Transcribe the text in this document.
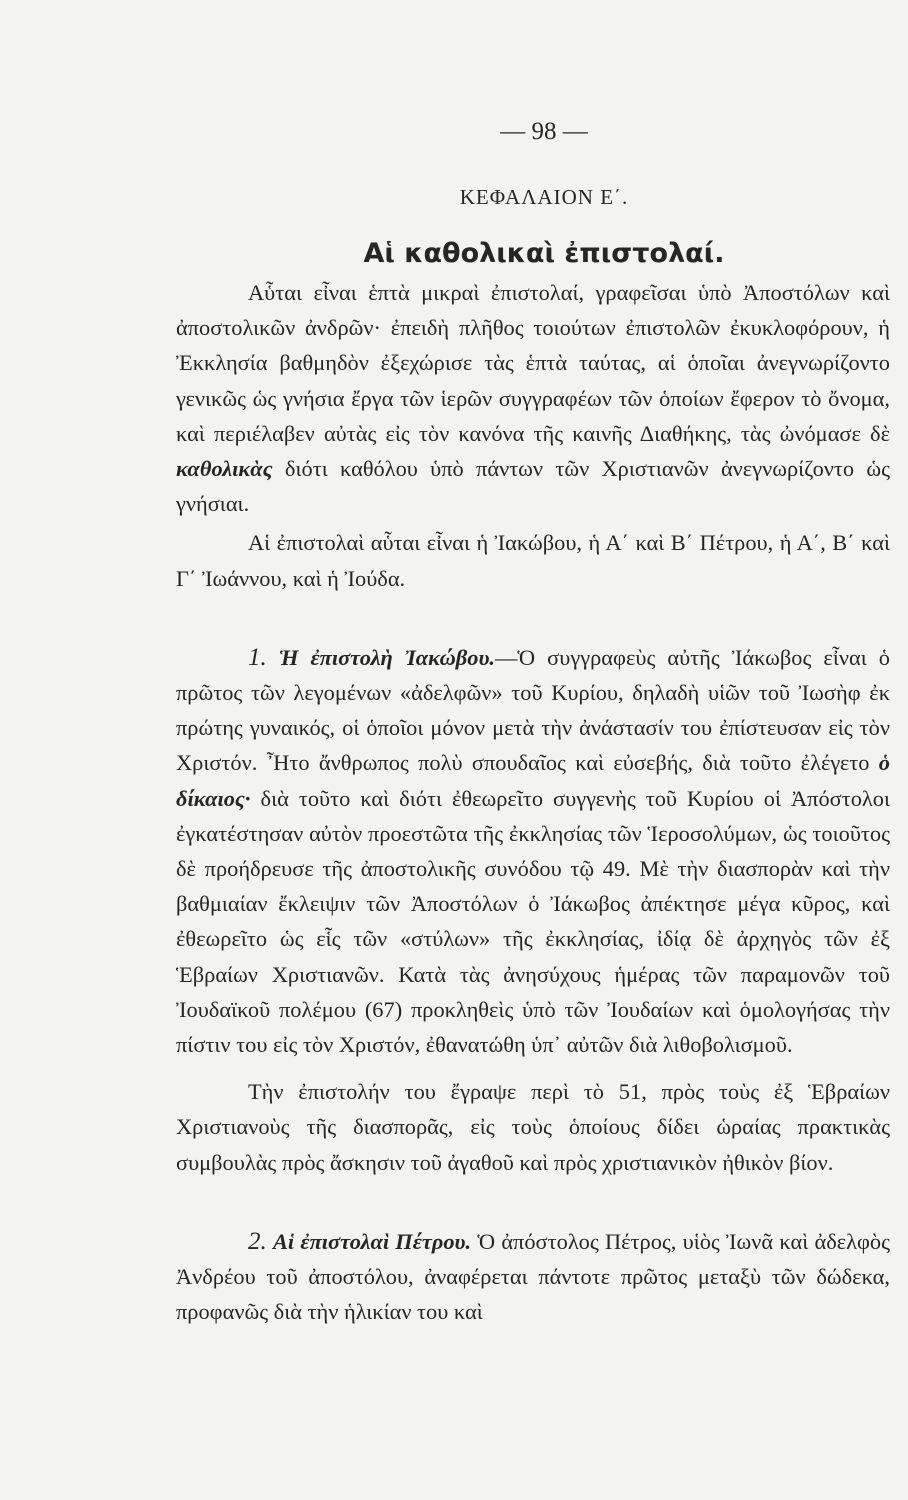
— 98 —
ΚΕΦΑΛΑΙΟΝ Ε΄.
Αἱ καθολικαὶ ἐπιστολαί.

Αὗται εἶναι ἑπτὰ μικραὶ ἐπιστολαί, γραφεῖσαι ὑπὸ Ἀποστόλων καὶ ἀποστολικῶν ἀνδρῶν· ἐπειδὴ πλῆθος τοιούτων ἐπιστολῶν ἐκυκλοφόρουν, ἡ Ἐκκλησία βαθμηδὸν ἐξεχώρισε τὰς ἑπτὰ ταύτας, αἱ ὁποῖαι ἀνεγνωρίζοντο γενικῶς ὡς γνήσια ἔργα τῶν ἱερῶν συγγραφέων τῶν ὁποίων ἔφερον τὸ ὄνομα, καὶ περιέλαβεν αὐτὰς εἰς τὸν κανόνα τῆς καινῆς Διαθήκης, τὰς ὠνόμασε δὲ καθολικὰς διότι καθόλου ὑπὸ πάντων τῶν Χριστιανῶν ἀνεγνωρίζοντο ὡς γνήσιαι.

Αἱ ἐπιστολαὶ αὗται εἶναι ἡ Ἰακώβου, ἡ Α΄ καὶ Β΄ Πέτρου, ἡ Α΄, Β΄ καὶ Γ΄ Ἰωάννου, καὶ ἡ Ἰούδα.

1. Ἡ ἐπιστολὴ Ἰακώβου.—Ὁ συγγραφεὺς αὐτῆς Ἰάκωβος εἶναι ὁ πρῶτος τῶν λεγομένων «ἀδελφῶν» τοῦ Κυρίου, δηλαδὴ υἱῶν τοῦ Ἰωσὴφ ἐκ πρώτης γυναικός, οἱ ὁποῖοι μόνον μετὰ τὴν ἀνάστασίν του ἐπίστευσαν εἰς τὸν Χριστόν. Ἦτο ἄνθρωπος πολὺ σπουδαῖος καὶ εὐσεβής, διὰ τοῦτο ἐλέγετο ὁ δίκαιος· διὰ τοῦτο καὶ διότι ἐθεωρεῖτο συγγενὴς τοῦ Κυρίου οἱ Ἀπόστολοι ἐγκατέστησαν αὐτὸν προεστῶτα τῆς ἐκκλησίας τῶν Ἱεροσολύμων, ὡς τοιοῦτος δὲ προήδρευσε τῆς ἀποστολικῆς συνόδου τῷ 49. Μὲ τὴν διασπορὰν καὶ τὴν βαθμιαίαν ἔκλειψιν τῶν Ἀποστόλων ὁ Ἰάκωβος ἀπέκτησε μέγα κῦρος, καὶ ἐθεωρεῖτο ὡς εἷς τῶν «στύλων» τῆς ἐκκλησίας, ἰδίᾳ δὲ ἀρχηγὸς τῶν ἐξ Ἑβραίων Χριστιανῶν. Κατὰ τὰς ἀνησύχους ἡμέρας τῶν παραμονῶν τοῦ Ἰουδαϊκοῦ πολέμου (67) προκληθεὶς ὑπὸ τῶν Ἰουδαίων καὶ ὁμολογήσας τὴν πίστιν του εἰς τὸν Χριστόν, ἐθανατώθη ὑπ᾿ αὐτῶν διὰ λιθοβολισμοῦ.

Τὴν ἐπιστολήν του ἔγραψε περὶ τὸ 51, πρὸς τοὺς ἐξ Ἑβραίων Χριστιανοὺς τῆς διασπορᾶς, εἰς τοὺς ὁποίους δίδει ὡραίας πρακτικὰς συμβουλὰς πρὸς ἄσκησιν τοῦ ἀγαθοῦ καὶ πρὸς χριστιανικὸν ἠθικὸν βίον.

2. Αἱ ἐπιστολαὶ Πέτρου. Ὁ ἀπόστολος Πέτρος, υἱὸς Ἰωνᾶ καὶ ἀδελφὸς Ἀνδρέου τοῦ ἀποστόλου, ἀναφέρεται πάντοτε πρῶτος μεταξὺ τῶν δώδεκα, προφανῶς διὰ τὴν ἡλικίαν του καὶ
